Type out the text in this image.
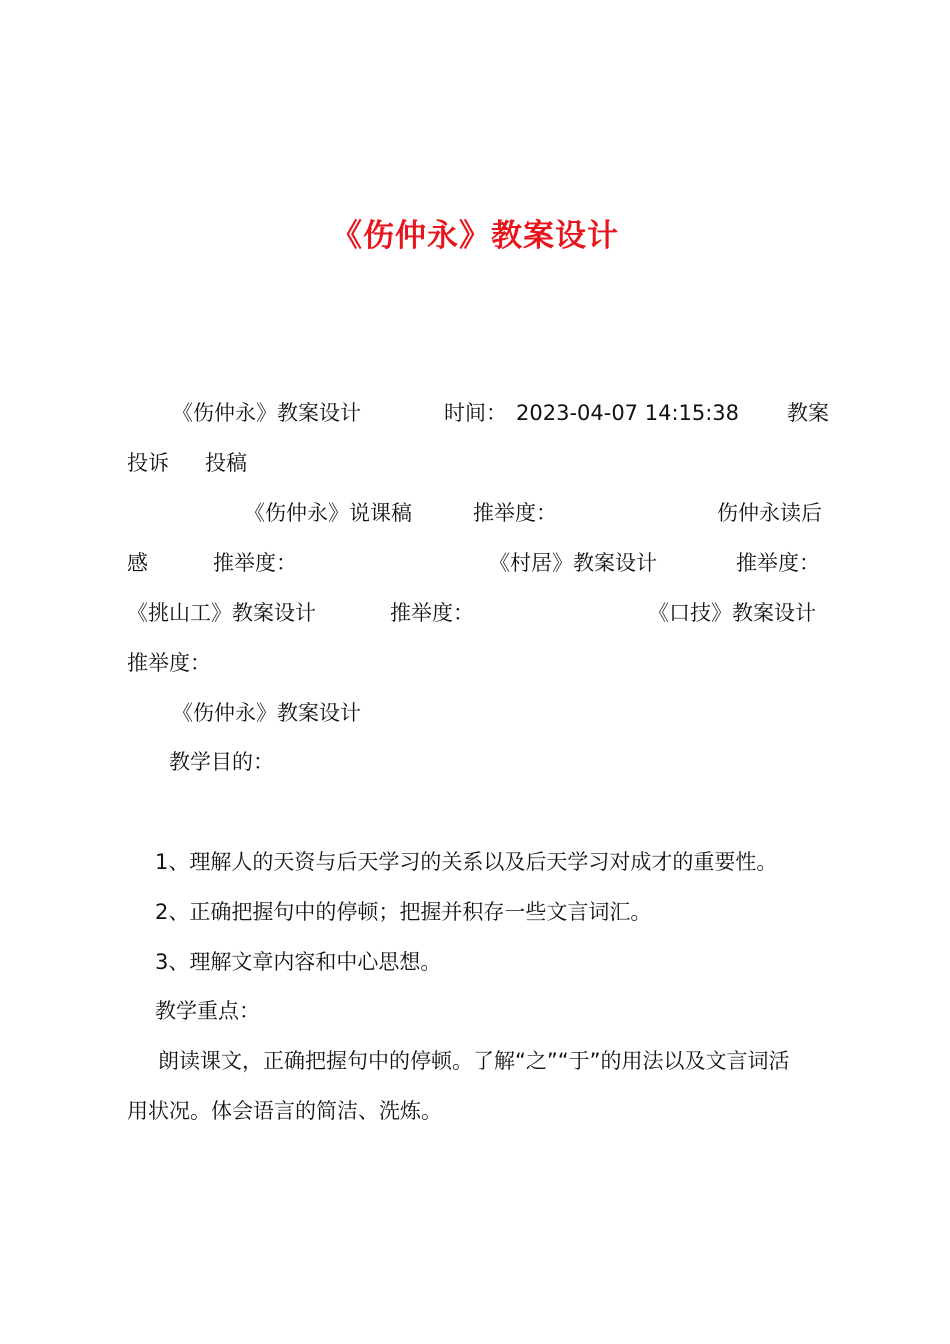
《伤仲永》教案设计
《伤仲永》教案设计	时间： 2023-04-07 14:15:38 教案
投诉 投稿
《伤仲永》说课稿	推举度：	伤仲永读后
感	推举度：	《村居》教案设计	推举度：
《挑山工》教案设计	推举度：	《口技》教案设计
推举度：
《伤仲永》教案设计
教学目的：
1、理解人的天资与后天学习的关系以及后天学习对成才的重要性。
2、正确把握句中的停顿；把握并积存一些文言词汇。
3、理解文章内容和中心思想。
教学重点：
朗读课文，正确把握句中的停顿。了解“之”“于”的用法以及文言词活
用状况。体会语言的简洁、洗炼。
